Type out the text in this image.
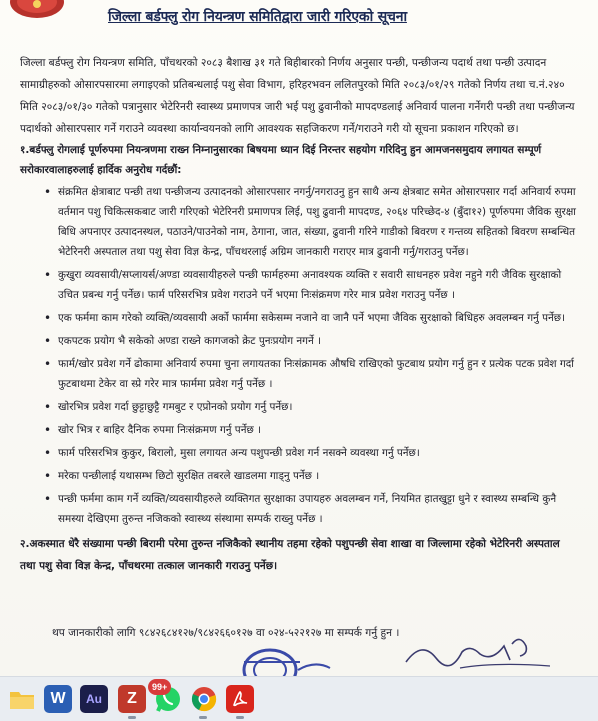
जिल्ला बर्डफ्लु रोग नियन्त्रण समितिद्वारा जारी गरिएको सूचना

जिल्ला बर्डफ्लु रोग नियन्त्रण समिति, पाँचथरको २०८३ बैशाख ३१ गते बिहीबारको निर्णय अनुसार पन्छी, पन्छीजन्य पदार्थ तथा पन्छी उत्पादन सामाग्रीहरुको ओसारपसारमा लगाइएको प्रतिबन्धलाई पशु सेवा विभाग, हरिहरभवन ललितपुरको मिति २०८३/०१/२९ गतेको निर्णय तथा च.नं.२४० मिति २०८३/०१/३० गतेको पत्रानुसार भेटेरिनरी स्वास्थ्य प्रमाणपत्र जारी भई पशु ढुवानीको मापदण्डलाई अनिवार्य पालना गर्नेगरी पन्छी तथा पन्छीजन्य पदार्थको ओसारपसार गर्ने गराउने व्यवस्था कार्यान्वयनको लागि आवश्यक सहजिकरण गर्ने/गराउने गरी यो सूचना प्रकाशन गरिएको छ।

१.बर्डफ्लु रोगलाई पूर्णरुपमा नियन्त्रणमा राख्न निम्नानुसारका बिषयमा ध्यान दिई निरन्तर सहयोग गरिदिनु हुन आमजनसमुदाय लगायत सम्पूर्ण सरोकारवालाहरुलाई हार्दिक अनुरोध गर्दछौं:

• संक्रमित क्षेत्राबाट पन्छी तथा पन्छीजन्य उत्पादनको ओसारपसार नगर्नु/नगराउनु हुन साथै अन्य क्षेत्रबाट समेत ओसारपसार गर्दा अनिवार्य रुपमा वर्तमान पशु चिकित्सकबाट जारी गरिएको भेटेरिनरी प्रमाणपत्र लिई, पशु ढुवानी मापदण्ड, २०६४ परिच्छेद-४ (बुँदा१२) पूर्णरुपमा जैविक सुरक्षा बिधि अपनाएर उत्पादनस्थल, पठाउने/पाउनेको नाम, ठेगाना, जात, संख्या, ढुवानी गरिने गाडीको बिवरण र गन्तव्य सहितको बिवरण सम्बन्धित भेटेरिनरी अस्पताल तथा पशु सेवा विज्ञ केन्द्र, पाँचथरलाई अग्रिम जानकारी गराएर मात्र ढुवानी गर्नु/गराउनु पर्नेछ।
• कुखुरा व्यवसायी/सप्लायर्स/अण्डा व्यवसायीहरुले पन्छी फार्महरुमा अनावश्यक व्यक्ति र सवारी साधनहरु प्रवेश नहुने गरी जैविक सुरक्षाको उचित प्रबन्ध गर्नु पर्नेछ। फार्म परिसरभित्र प्रवेश गराउने पर्ने भएमा निःसंक्रमण गरेर मात्र प्रवेश गराउनु पर्नेछ ।
• एक फर्ममा काम गरेको व्यक्ति/व्यवसायी अर्को फार्ममा सकेसम्म नजाने वा जानै पर्ने भएमा जैविक सुरक्षाको बिधिहरु अवलम्बन गर्नु पर्नेछ।
• एकपटक प्रयोग भै सकेको अण्डा राख्ने कागजको क्रेट पुनःप्रयोग नगर्ने ।
• फार्म/खोर प्रवेश गर्ने ढोकामा अनिवार्य रुपमा चुना लगायतका निःसंक्रामक औषधि राखिएको फुटबाथ प्रयोग गर्नु हुन र प्रत्येक पटक प्रवेश गर्दा फुटबाथमा टेकेर वा स्प्रे गरेर मात्र फार्ममा प्रवेश गर्नु पर्नेछ ।
• खोरभित्र प्रवेश गर्दा छुट्टाछुट्टै गमबुट र एप्रोनको प्रयोग गर्नु पर्नेछ।
• खोर भित्र र बाहिर दैनिक रुपमा निःसंक्रमण गर्नु पर्नेछ ।
• फार्म परिसरभित्र कुकुर, बिरालो, मुसा लगायत अन्य पशुपन्छी प्रवेश गर्न नसक्ने व्यवस्था गर्नु पर्नेछ।
• मरेका पन्छीलाई यथासम्भ छिटो सुरक्षित तबरले खाडलमा गाड्नु पर्नेछ ।
• पन्छी फर्ममा काम गर्ने व्यक्ति/व्यवसायीहरुले व्यक्तिगत सुरक्षाका उपायहरु अवलम्बन गर्ने, नियमित हातखुट्टा धुने र स्वास्थ्य सम्बन्धि कुनै समस्या देखिएमा तुरुन्त नजिकको स्वास्थ्य संस्थामा सम्पर्क राख्नु पर्नेछ ।

२.अकस्मात धेरै संख्यामा पन्छी बिरामी परेमा तुरुन्त नजिकैको स्थानीय तहमा रहेको पशुपन्छी सेवा शाखा वा जिल्लामा रहेको भेटेरिनरी अस्पताल तथा पशु सेवा विज्ञ केन्द्र, पाँचथरमा तत्काल जानकारी गराउनु पर्नेछ।

थप जानकारीको लागि ९८४२६८४१२७/९८४२६६०१२७ वा ०२४-५२२१२७ मा सम्पर्क गर्नु हुन ।
W Au Z
99+
